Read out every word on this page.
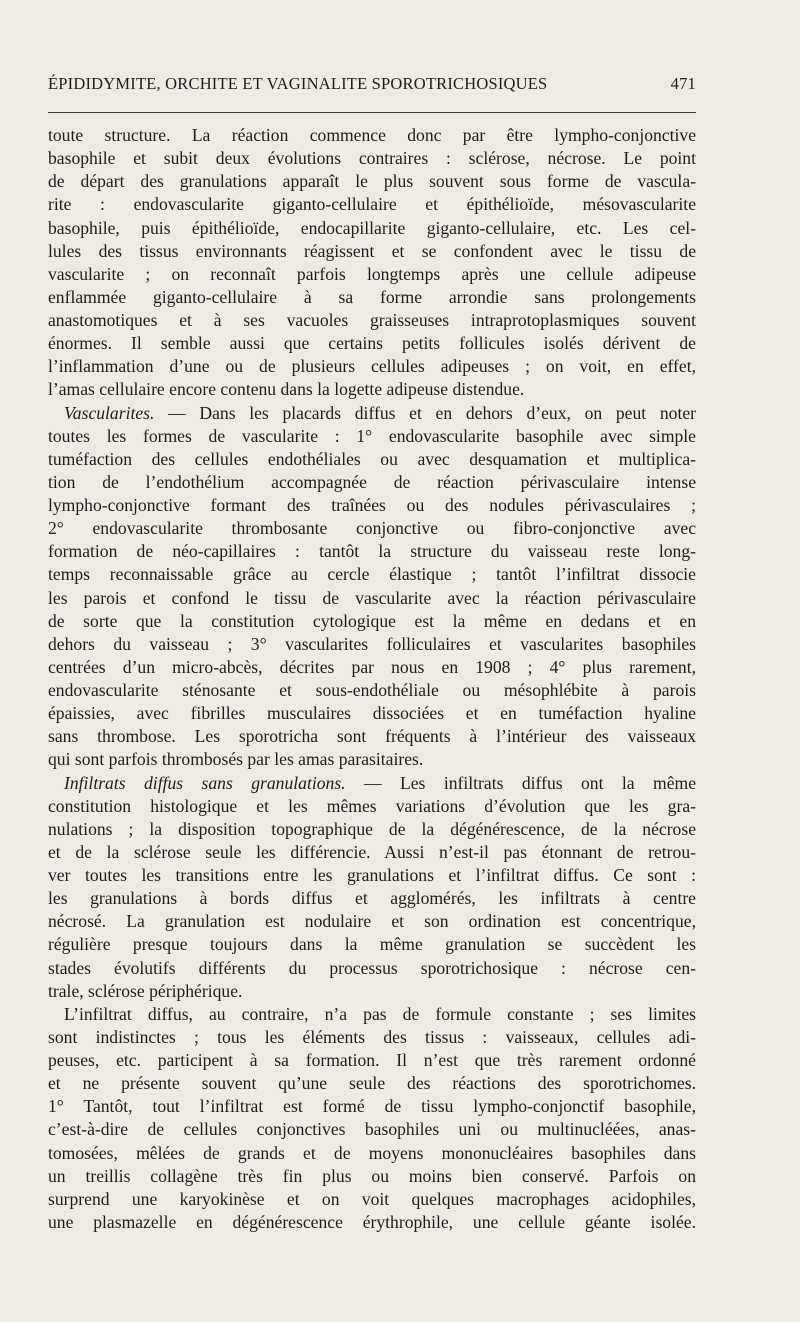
ÉPIDIDYMITE, ORCHITE ET VAGINALITE SPOROTRICHOSIQUES	471
toute structure. La réaction commence donc par être lympho-conjonctive
basophile et subit deux évolutions contraires : sclérose, nécrose. Le point
de départ des granulations apparaît le plus souvent sous forme de vascula-
rite : endovascularite giganto-cellulaire et épithélioïde, mésovascularite
basophile, puis épithélioïde, endocapillarite giganto-cellulaire, etc. Les cel-
lules des tissus environnants réagissent et se confondent avec le tissu de
vascularite ; on reconnaît parfois longtemps après une cellule adipeuse
enflammée giganto-cellulaire à sa forme arrondie sans prolongements
anastomotiques et à ses vacuoles graisseuses intraprotoplasmiques souvent
énormes. Il semble aussi que certains petits follicules isolés dérivent de
l’inflammation d’une ou de plusieurs cellules adipeuses ; on voit, en effet,
l’amas cellulaire encore contenu dans la logette adipeuse distendue.
Vascularites. — Dans les placards diffus et en dehors d’eux, on peut noter
toutes les formes de vascularite : 1° endovascularite basophile avec simple
tuméfaction des cellules endothéliales ou avec desquamation et multiplica-
tion de l’endothélium accompagnée de réaction périvasculaire intense
lympho-conjonctive formant des traînées ou des nodules périvasculaires ;
2° endovascularite thrombosante conjonctive ou fibro-conjonctive avec
formation de néo-capillaires : tantôt la structure du vaisseau reste long-
temps reconnaissable grâce au cercle élastique ; tantôt l’infiltrat dissocie
les parois et confond le tissu de vascularite avec la réaction périvasculaire
de sorte que la constitution cytologique est la même en dedans et en
dehors du vaisseau ; 3° vascularites folliculaires et vascularites basophiles
centrées d’un micro-abcès, décrites par nous en 1908 ; 4° plus rarement,
endovascularite sténosante et sous-endothéliale ou mésophlébite à parois
épaissies, avec fibrilles musculaires dissociées et en tuméfaction hyaline
sans thrombose. Les sporotricha sont fréquents à l’intérieur des vaisseaux
qui sont parfois thrombosés par les amas parasitaires.
Infiltrats diffus sans granulations. — Les infiltrats diffus ont la même
constitution histologique et les mêmes variations d’évolution que les gra-
nulations ; la disposition topographique de la dégénérescence, de la nécrose
et de la sclérose seule les différencie. Aussi n’est-il pas étonnant de retrou-
ver toutes les transitions entre les granulations et l’infiltrat diffus. Ce sont :
les granulations à bords diffus et agglomérés, les infiltrats à centre
nécrosé. La granulation est nodulaire et son ordination est concentrique,
régulière presque toujours dans la même granulation se succèdent les
stades évolutifs différents du processus sporotrichosique : nécrose cen-
trale, sclérose périphérique.
L’infiltrat diffus, au contraire, n’a pas de formule constante ; ses limites
sont indistinctes ; tous les éléments des tissus : vaisseaux, cellules adi-
peuses, etc. participent à sa formation. Il n’est que très rarement ordonné
et ne présente souvent qu’une seule des réactions des sporotrichomes.
1° Tantôt, tout l’infiltrat est formé de tissu lympho-conjonctif basophile,
c’est-à-dire de cellules conjonctives basophiles uni ou multinucléées, anas-
tomosées, mêlées de grands et de moyens mononucléaires basophiles dans
un treillis collagène très fin plus ou moins bien conservé. Parfois on
surprend une karyokinèse et on voit quelques macrophages acidophiles,
une plasmazelle en dégénérescence érythrophile, une cellule géante isolée.
